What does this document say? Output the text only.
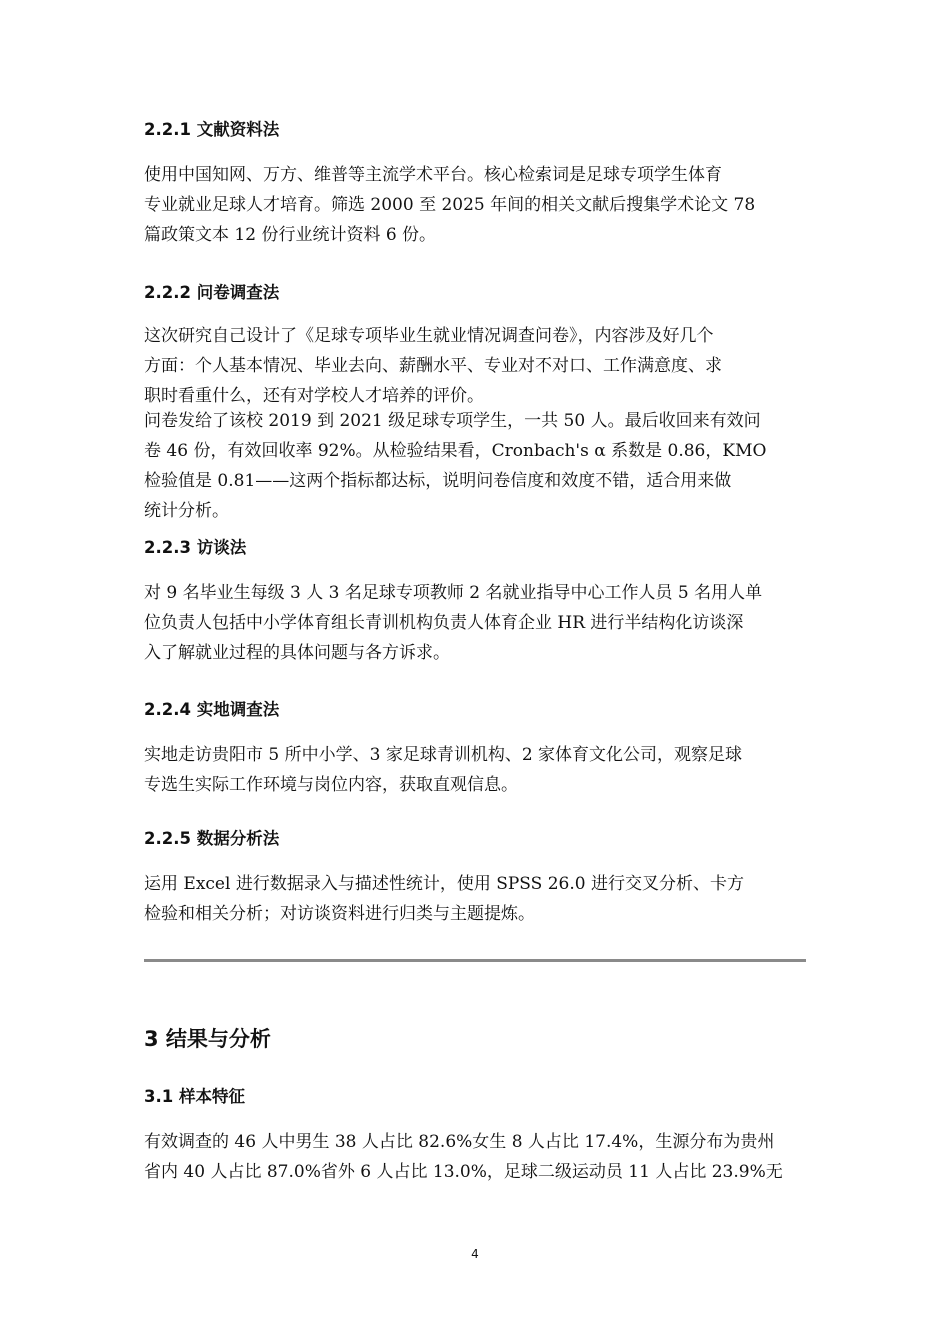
2.2.1 文献资料法
使用中国知网、万方、维普等主流学术平台。核心检索词是足球专项学生体育
专业就业足球人才培育。筛选 2000 至 2025 年间的相关文献后搜集学术论文 78
篇政策文本 12 份行业统计资料 6 份。
2.2.2 问卷调查法
这次研究自己设计了《足球专项毕业生就业情况调查问卷》，内容涉及好几个
方面：个人基本情况、毕业去向、薪酬水平、专业对不对口、工作满意度、求
职时看重什么，还有对学校人才培养的评价。
问卷发给了该校 2019 到 2021 级足球专项学生，一共 50 人。最后收回来有效问
卷 46 份，有效回收率 92%。从检验结果看，Cronbach's α 系数是 0.86，KMO
检验值是 0.81——这两个指标都达标，说明问卷信度和效度不错，适合用来做
统计分析。
2.2.3 访谈法
对 9 名毕业生每级 3 人 3 名足球专项教师 2 名就业指导中心工作人员 5 名用人单
位负责人包括中小学体育组长青训机构负责人体育企业 HR 进行半结构化访谈深
入了解就业过程的具体问题与各方诉求。
2.2.4 实地调查法
实地走访贵阳市 5 所中小学、3 家足球青训机构、2 家体育文化公司，观察足球
专选生实际工作环境与岗位内容，获取直观信息。
2.2.5 数据分析法
运用 Excel 进行数据录入与描述性统计，使用 SPSS 26.0 进行交叉分析、卡方
检验和相关分析；对访谈资料进行归类与主题提炼。
3 结果与分析
3.1 样本特征
有效调查的 46 人中男生 38 人占比 82.6%女生 8 人占比 17.4%，生源分布为贵州
省内 40 人占比 87.0%省外 6 人占比 13.0%，足球二级运动员 11 人占比 23.9%无
4
